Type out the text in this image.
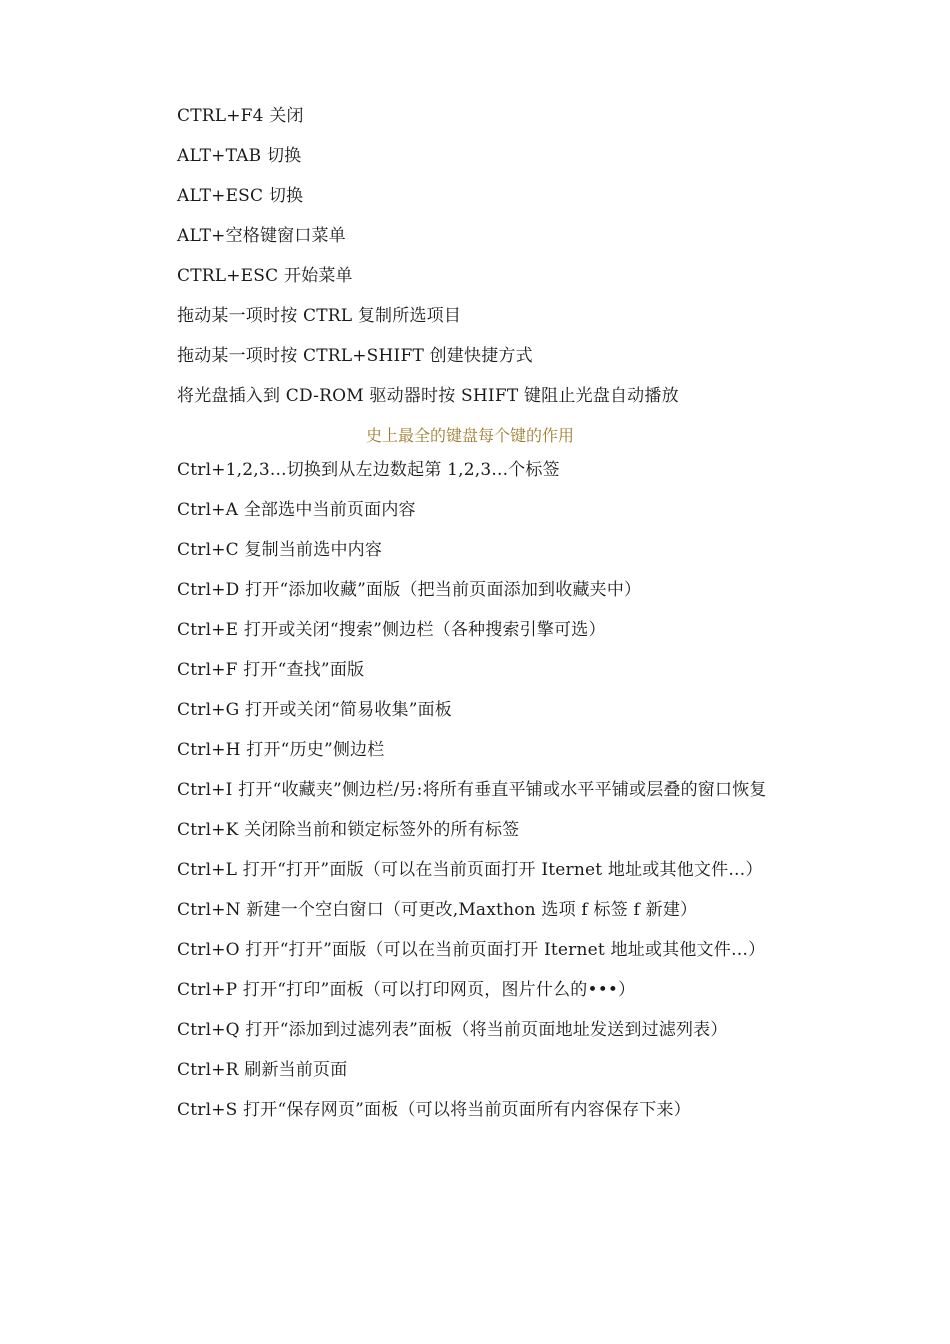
CTRL+F4 关闭
ALT+TAB 切换
ALT+ESC 切换
ALT+空格键窗口菜单
CTRL+ESC 开始菜单
拖动某一项时按 CTRL 复制所选项目
拖动某一项时按 CTRL+SHIFT 创建快捷方式
将光盘插入到 CD-ROM 驱动器时按 SHIFT 键阻止光盘自动播放
史上最全的键盘每个键的作用
Ctrl+1,2,3...切换到从左边数起第 1,2,3...个标签
Ctrl+A 全部选中当前页面内容
Ctrl+C 复制当前选中内容
Ctrl+D 打开“添加收藏”面版（把当前页面添加到收藏夹中）
Ctrl+E 打开或关闭“搜索”侧边栏（各种搜索引擎可选）
Ctrl+F 打开“查找”面版
Ctrl+G 打开或关闭“简易收集”面板
Ctrl+H 打开“历史”侧边栏
Ctrl+I 打开“收藏夹”侧边栏/另:将所有垂直平铺或水平平铺或层叠的窗口恢复
Ctrl+K 关闭除当前和锁定标签外的所有标签
Ctrl+L 打开“打开”面版（可以在当前页面打开 Iternet 地址或其他文件…）
Ctrl+N 新建一个空白窗口（可更改,Maxthon 选项 f 标签 f 新建）
Ctrl+O 打开“打开”面版（可以在当前页面打开 Iternet 地址或其他文件…）
Ctrl+P 打开“打印”面板（可以打印网页，图片什么的•••）
Ctrl+Q 打开“添加到过滤列表”面板（将当前页面地址发送到过滤列表）
Ctrl+R 刷新当前页面
Ctrl+S 打开“保存网页”面板（可以将当前页面所有内容保存下来）
